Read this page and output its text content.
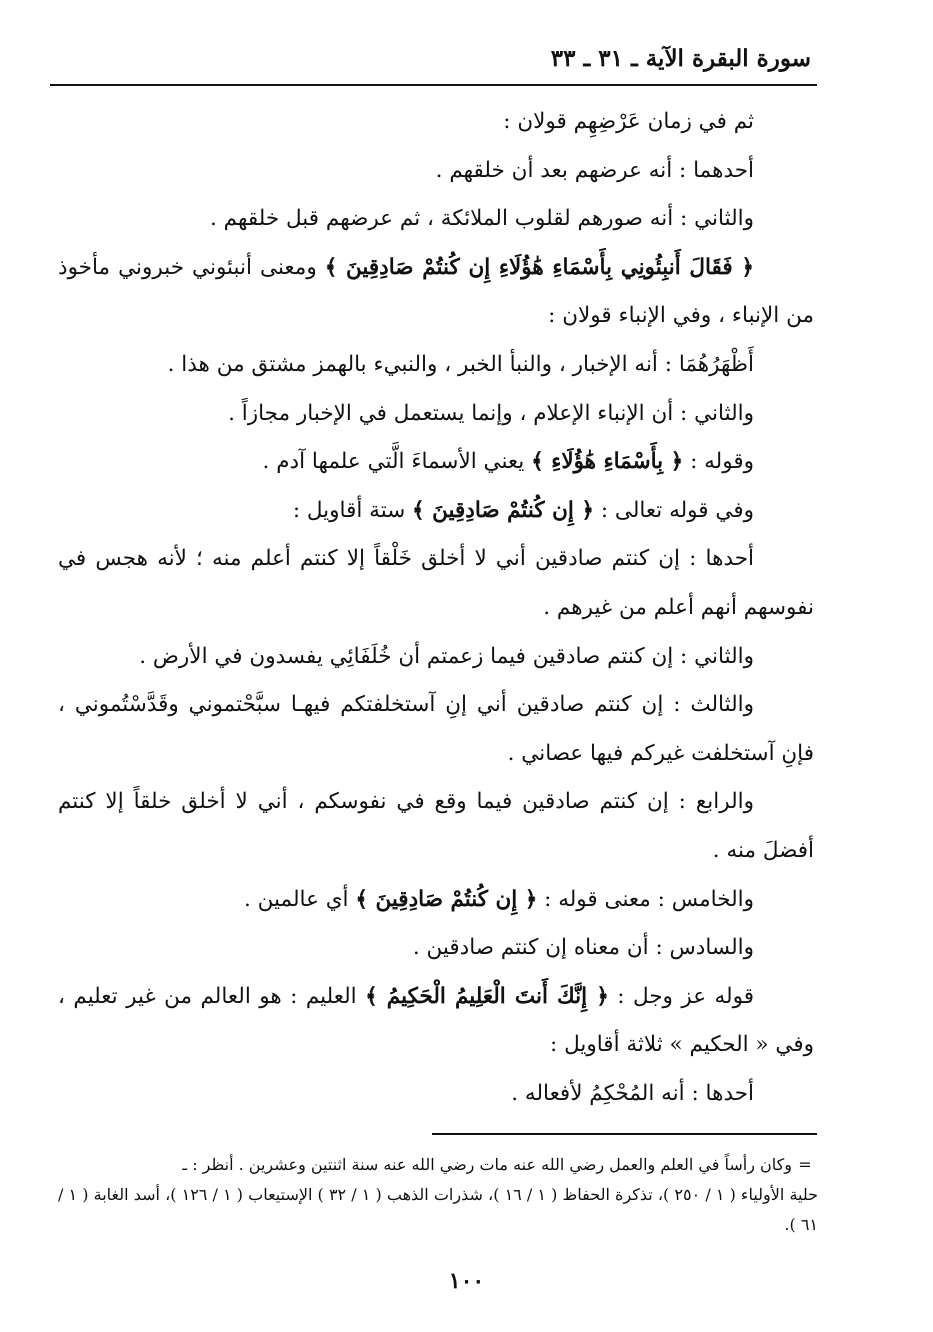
سورة البقرة الآية ـ ٣١ ـ ٣٣

ثم في زمان عَرْضِهِم قولان :

أحدهما : أنه عرضهم بعد أن خلقهم .

والثاني : أنه صورهم لقلوب الملائكة ، ثم عرضهم قبل خلقهم .

﴿ فَقَالَ أَنبِئُونِي بِأَسْمَاءِ هَٰؤُلَاءِ إِن كُنتُمْ صَادِقِينَ ﴾ ومعنى أنبئوني خبروني مأخوذ من الإنباء ، وفي الإنباء قولان :

أَظْهَرُهُمَا : أنه الإخبار ، والنبأ الخبر ، والنبيء بالهمز مشتق من هذا .

والثاني : أن الإنباء الإعلام ، وإنما يستعمل في الإخبار مجازاً .

وقوله : ﴿ بِأَسْمَاءِ هَٰؤُلَاءِ ﴾ يعني الأسماءَ الَّتي علمها آدم .

وفي قوله تعالى : ﴿ إِن كُنتُمْ صَادِقِينَ ﴾ ستة أقاويل :

أحدها : إن كنتم صادقين أني لا أخلق خَلْقاً إلا كنتم أعلم منه ؛ لأنه هجس في نفوسهم أنهم أعلم من غيرهم .

والثاني : إن كنتم صادقين فيما زعمتم أن خُلَفَائِي يفسدون في الأرض .

والثالث : إن كنتم صادقين أني إنِ آستخلفتكم فيهـا سبَّحْتموني وقَدَّسْتُموني ، فإنِ آستخلفت غيركم فيها عصاني .

والرابع : إن كنتم صادقين فيما وقع في نفوسكم ، أني لا أخلق خلقاً إلا كنتم أفضلَ منه .

والخامس : معنى قوله : ﴿ إِن كُنتُمْ صَادِقِينَ ﴾ أي عالمين .

والسادس : أن معناه إن كنتم صادقين .

قوله عز وجل : ﴿ إِنَّكَ أَنتَ الْعَلِيمُ الْحَكِيمُ ﴾ العليم : هو العالم من غير تعليم ، وفي « الحكيم » ثلاثة أقاويل :

أحدها : أنه المُحْكِمُ لأفعاله .

=وكان رأساً في العلم والعمل رضي الله عنه مات رضي الله عنه سنة اثنتين وعشرين . أنظر : ـ

حلية الأولياء ( ١ / ٢٥٠ )، تذكرة الحفاظ ( ١ / ١٦ )، شذرات الذهب ( ١ / ٣٢ ) الإستيعاب ( ١ / ١٢٦ )، أسد الغابة ( ١ / ٦١ ).

١٠٠
